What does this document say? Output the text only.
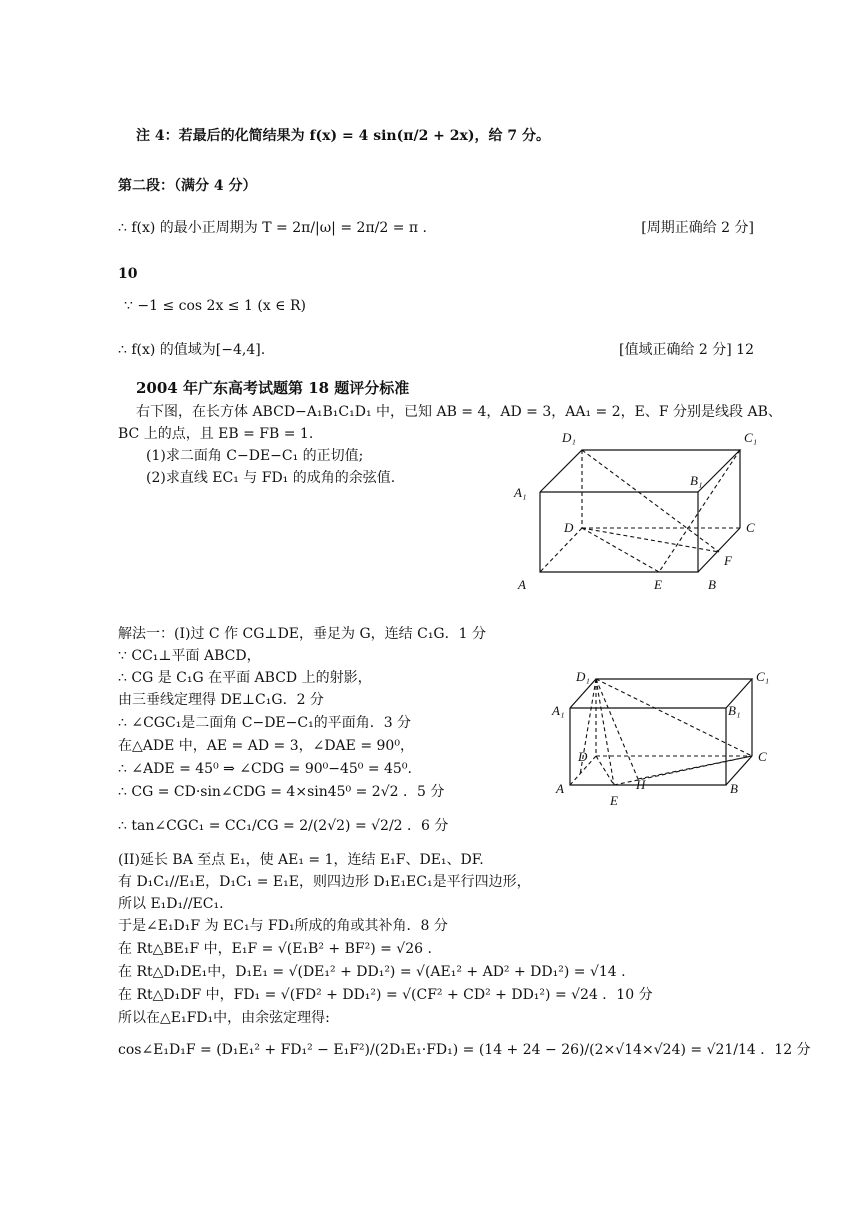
注 4：若最后的化简结果为 f(x) = 4 sin(π/2 + 2x)，给 7 分。
第二段：（满分 4 分）
∴ f(x) 的最小正周期为 T = 2π/|ω| = 2π/2 = π .	[周期正确给 2 分]
10
∵ −1 ≤ cos 2x ≤ 1 (x ∈ R)
∴ f(x) 的值域为[−4,4].	[值域正确给 2 分] 12
2004 年广东高考试题第 18 题评分标准
右下图，在长方体 ABCD−A₁B₁C₁D₁ 中，已知 AB = 4，AD = 3，AA₁ = 2，E、F 分别是线段 AB、
BC 上的点，且 EB = FB = 1.
(1)求二面角 C−DE−C₁ 的正切值;
(2)求直线 EC₁ 与 FD₁ 的成角的余弦值.
解法一：(I)过 C 作 CG⊥DE，垂足为 G，连结 C₁G．1 分
∵ CC₁⊥平面 ABCD，
∴ CG 是 C₁G 在平面 ABCD 上的射影，
由三垂线定理得 DE⊥C₁G．2 分
∴ ∠CGC₁是二面角 C−DE−C₁的平面角．3 分
在△ADE 中，AE = AD = 3，∠DAE = 90⁰，
∴ ∠ADE = 45⁰ ⇒ ∠CDG = 90⁰−45⁰ = 45⁰.
∴ CG = CD·sin∠CDG = 4×sin45⁰ = 2√2 ．5 分
∴ tan∠CGC₁ = CC₁/CG = 2/(2√2) = √2/2 ．6 分
(II)延长 BA 至点 E₁，使 AE₁ = 1，连结 E₁F、DE₁、DF.
有 D₁C₁//E₁E，D₁C₁ = E₁E，则四边形 D₁E₁EC₁是平行四边形，
所以 E₁D₁//EC₁.
于是∠E₁D₁F 为 EC₁与 FD₁所成的角或其补角．8 分
在 Rt△BE₁F 中，E₁F = √(E₁B² + BF²) = √26 .
在 Rt△D₁DE₁中，D₁E₁ = √(DE₁² + DD₁²) = √(AE₁² + AD² + DD₁²) = √14 .
在 Rt△D₁DF 中，FD₁ = √(FD² + DD₁²) = √(CF² + CD² + DD₁²) = √24 ．10 分
所以在△E₁FD₁中，由余弦定理得:
cos∠E₁D₁F = (D₁E₁² + FD₁² − E₁F²)/(2D₁E₁·FD₁) = (14 + 24 − 26)/(2×√14×√24) = √21/14 ．12 分
D₁	C₁
B₁
A₁
D	C
F
A	E	B
D₁	C₁
A₁	B₁
D	C
H
A
E
B
